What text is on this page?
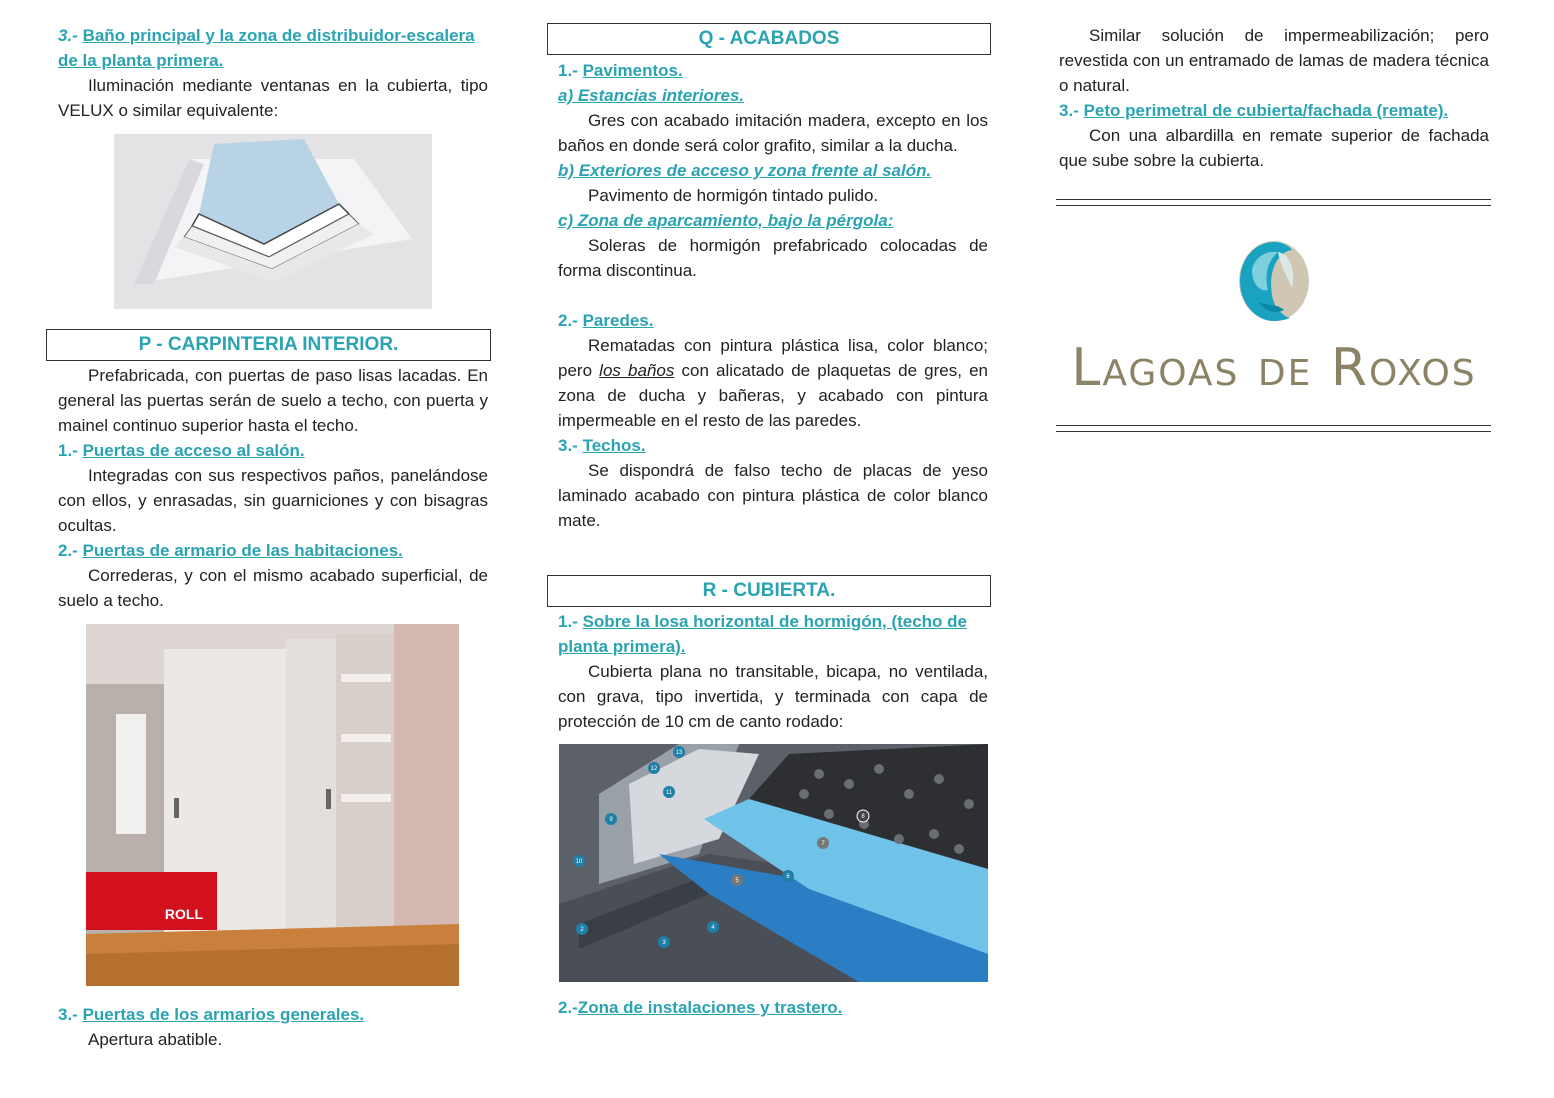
3.- Baño principal y la zona de distribuidor-escalera de la planta primera.

Iluminación mediante ventanas en la cubierta, tipo VELUX o similar equivalente:

P - CARPINTERIA INTERIOR.

Prefabricada, con puertas de paso lisas lacadas. En general las puertas serán de suelo a techo, con puerta y mainel continuo superior hasta el techo.

1.- Puertas de acceso al salón.

Integradas con sus respectivos paños, panelándose con ellos, y enrasadas, sin guarniciones y con bisagras ocultas.

2.- Puertas de armario de las habitaciones.

Correderas, y con el mismo acabado superficial, de suelo a techo.

ROLL

3.- Puertas de los armarios generales.

Apertura abatible.

Q - ACABADOS

1.- Pavimentos.

a) Estancias interiores.

Gres con acabado imitación madera, excepto en los baños en donde será color grafito, similar a la ducha.

b) Exteriores de acceso y zona frente al salón.

Pavimento de hormigón tintado pulido.

c) Zona de aparcamiento, bajo la pérgola:

Soleras de hormigón prefabricado colocadas de forma discontinua.

2.- Paredes.

Rematadas con pintura plástica lisa, color blanco; pero los baños con alicatado de plaquetas de gres, en zona de ducha y bañeras, y acabado con pintura impermeable en el resto de las paredes.

3.- Techos.

Se dispondrá de falso techo de placas de yeso laminado acabado con pintura plástica de color blanco mate.

R - CUBIERTA.

1.- Sobre la losa horizontal de hormigón, (techo de planta primera).

Cubierta plana no transitable, bicapa, no ventilada, con grava, tipo invertida, y terminada con capa de protección de 10 cm de canto rodado:

13
12
11
9
10
2
3
4
5
6
7
8

2.-Zona de instalaciones y trastero.

Similar solución de impermeabilización; pero revestida con un entramado de lamas de madera técnica o natural.

3.- Peto perimetral de cubierta/fachada (remate).

Con una albardilla en remate superior de fachada que sube sobre la cubierta.

Lagoas de Roxos
